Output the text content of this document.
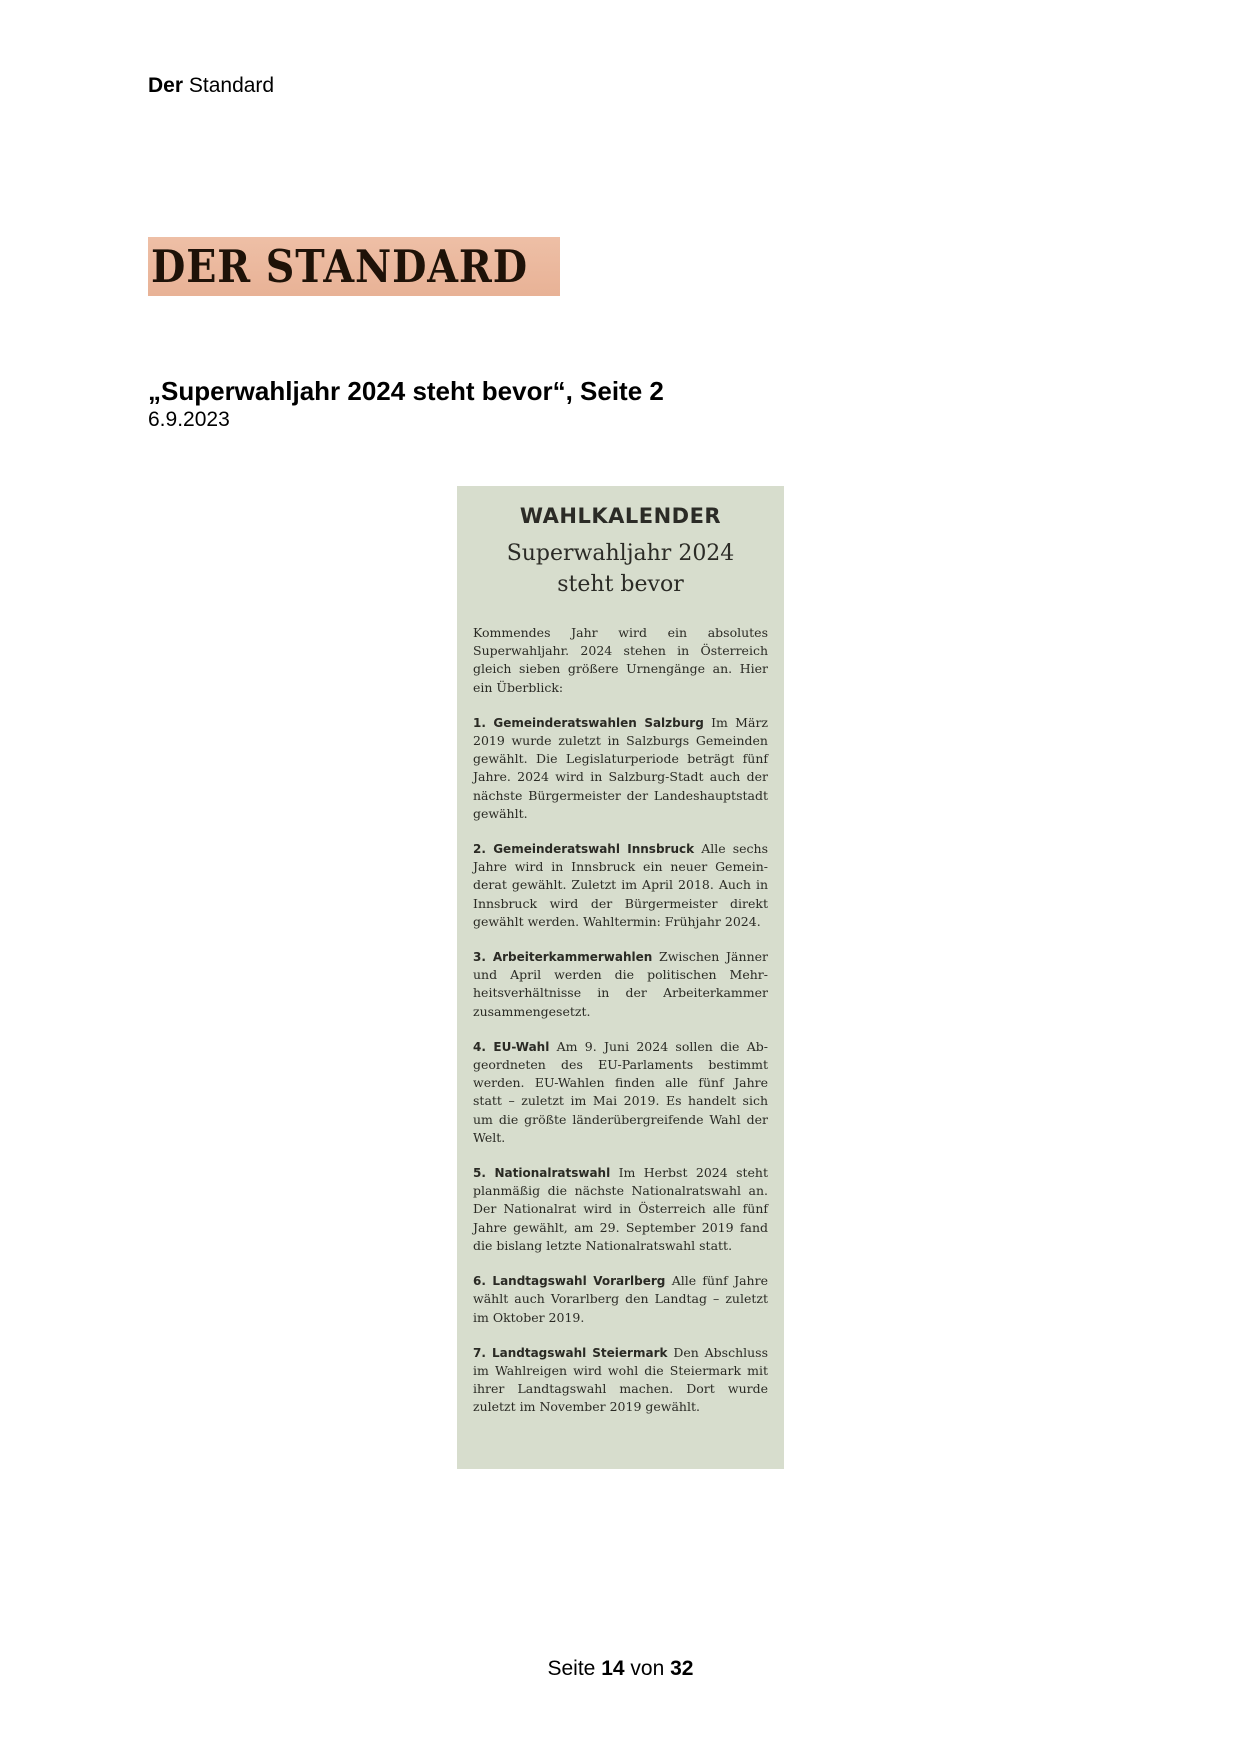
Der Standard
DER STANDARD
„Superwahljahr 2024 steht bevor“, Seite 2
6.9.2023
WAHLKALENDER
Superwahljahr 2024
steht bevor

Kommendes Jahr wird ein absolutes Superwahljahr. 2024 stehen in Österreich gleich sieben größere Urnengänge an. Hier ein Überblick:

1. Gemeinderatswahlen Salzburg Im März 2019 wurde zuletzt in Salzburgs Gemeinden gewählt. Die Legislaturperiode beträgt fünf Jahre. 2024 wird in Salzburg-Stadt auch der nächste Bürgermeister der Landeshauptstadt gewählt.

2. Gemeinderatswahl Innsbruck Alle sechs Jahre wird in Innsbruck ein neuer Gemeinderat gewählt. Zuletzt im April 2018. Auch in Innsbruck wird der Bürgermeister direkt gewählt werden. Wahltermin: Frühjahr 2024.

3. Arbeiterkammerwahlen Zwischen Jänner und April werden die politischen Mehrheitsverhältnisse in der Arbeiterkammer zusammengesetzt.

4. EU-Wahl Am 9. Juni 2024 sollen die Abgeordneten des EU-Parlaments bestimmt werden. EU-Wahlen finden alle fünf Jahre statt – zuletzt im Mai 2019. Es handelt sich um die größte länderübergreifende Wahl der Welt.

5. Nationalratswahl Im Herbst 2024 steht planmäßig die nächste Nationalratswahl an. Der Nationalrat wird in Österreich alle fünf Jahre gewählt, am 29. September 2019 fand die bislang letzte Nationalratswahl statt.

6. Landtagswahl Vorarlberg Alle fünf Jahre wählt auch Vorarlberg den Landtag – zuletzt im Oktober 2019.

7. Landtagswahl Steiermark Den Abschluss im Wahlreigen wird wohl die Steiermark mit ihrer Landtagswahl machen. Dort wurde zuletzt im November 2019 gewählt.

Seite 14 von 32
